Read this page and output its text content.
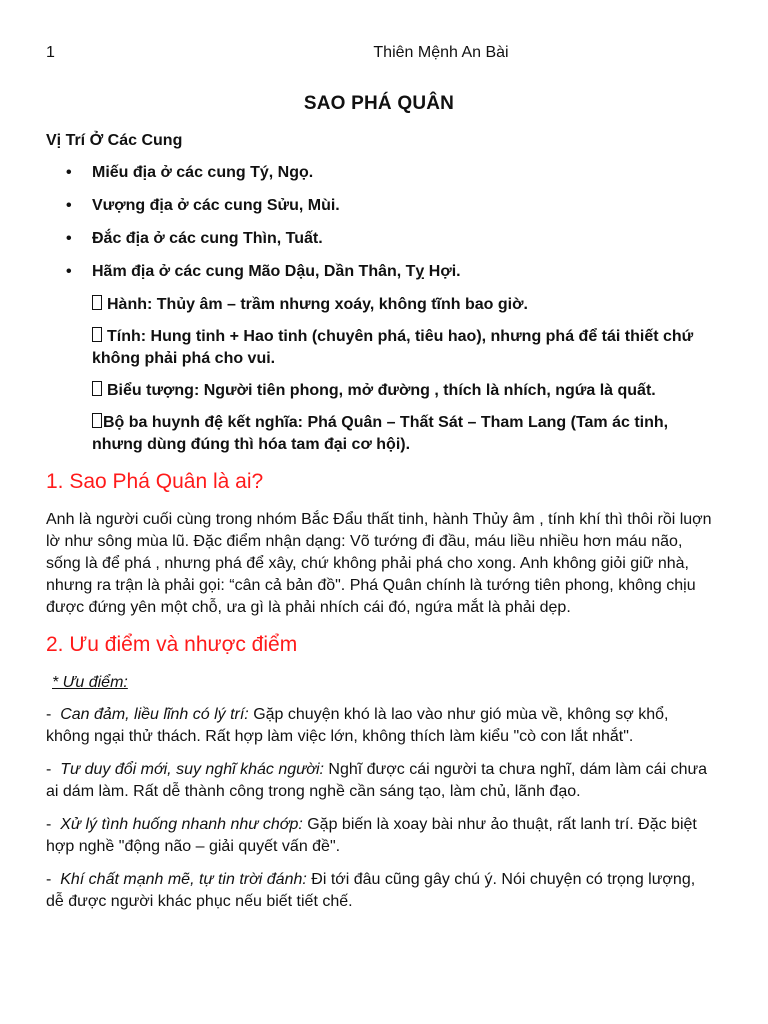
1	Thiên Mệnh An Bài
SAO PHÁ QUÂN
Vị Trí Ở Các Cung
• Miếu địa ở các cung Tý, Ngọ.
• Vượng địa ở các cung Sửu, Mùi.
• Đắc địa ở các cung Thìn, Tuất.
• Hãm địa ở các cung Mão Dậu, Dần Thân, Tỵ Hợi.
Hành: Thủy âm – trầm nhưng xoáy, không tĩnh bao giờ.
Tính: Hung tinh + Hao tinh (chuyên phá, tiêu hao), nhưng phá để tái thiết chứ không phải phá cho vui.
Biểu tượng: Người tiên phong, mở đường , thích là nhích, ngứa là quất.
Bộ ba huynh đệ kết nghĩa: Phá Quân – Thất Sát – Tham Lang (Tam ác tinh, nhưng dùng đúng thì hóa tam đại cơ hội).
1. Sao Phá Quân là ai?

Anh là người cuối cùng trong nhóm Bắc Đẩu thất tinh, hành Thủy âm , tính khí thì thôi rồi luợn lờ như sông mùa lũ. Đặc điểm nhận dạng: Võ tướng đi đầu, máu liều nhiều hơn máu não, sống là để phá , nhưng phá để xây, chứ không phải phá cho xong. Anh không giỏi giữ nhà, nhưng ra trận là phải gọi: “cân cả bản đồ". Phá Quân chính là tướng tiên phong, không chịu được đứng yên một chỗ, ưa gì là phải nhích cái đó, ngứa mắt là phải dẹp.

2. Ưu điểm và nhược điểm
* Ưu điểm:

-  Can đảm, liều lĩnh có lý trí: Gặp chuyện khó là lao vào như gió mùa về, không sợ khổ, không ngại thử thách. Rất hợp làm việc lớn, không thích làm kiểu "cò con lắt nhắt".

-  Tư duy đổi mới, suy nghĩ khác người: Nghĩ được cái người ta chưa nghĩ, dám làm cái chưa ai dám làm. Rất dễ thành công trong nghề cần sáng tạo, làm chủ, lãnh đạo.

-  Xử lý tình huống nhanh như chớp: Gặp biến là xoay bài như ảo thuật, rất lanh trí. Đặc biệt hợp nghề "động não – giải quyết vấn đề".

-  Khí chất mạnh mẽ, tự tin trời đánh: Đi tới đâu cũng gây chú ý. Nói chuyện có trọng lượng, dễ được người khác phục nếu biết tiết chế.
